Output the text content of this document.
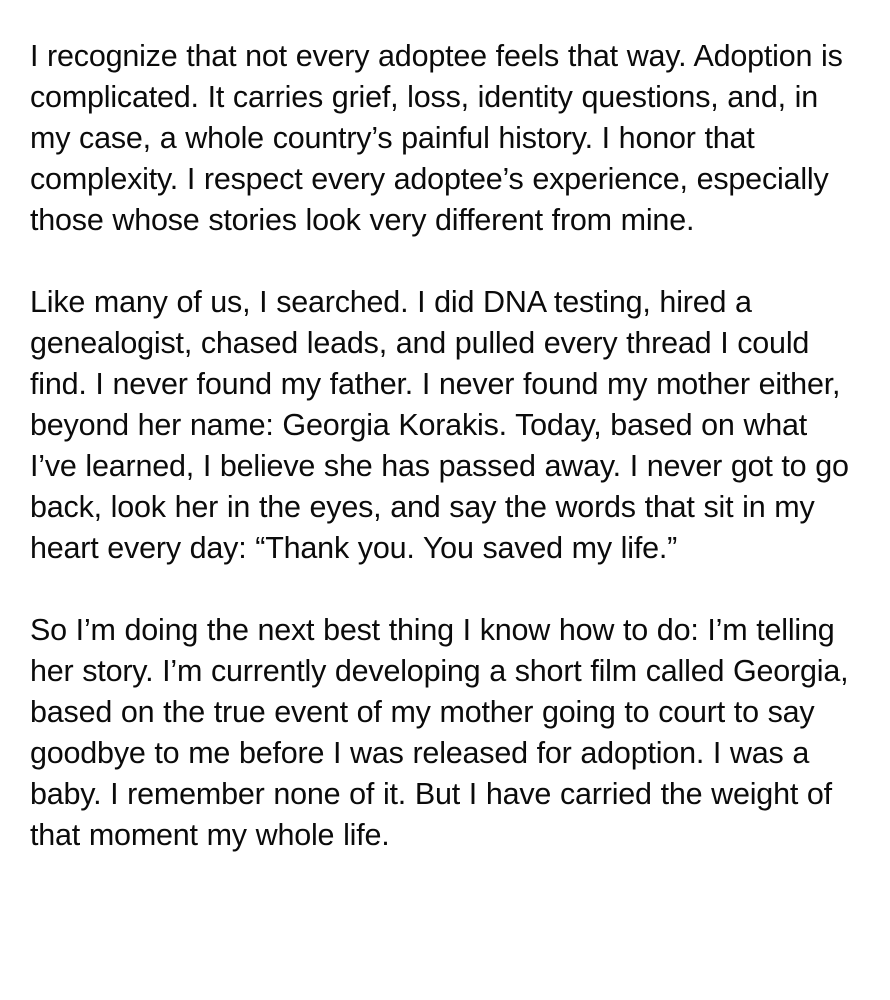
I recognize that not every adoptee feels that way. Adoption is complicated. It carries grief, loss, identity questions, and, in my case, a whole country’s painful history. I honor that complexity. I respect every adoptee’s experience, especially those whose stories look very different from mine.

Like many of us, I searched. I did DNA testing, hired a genealogist, chased leads, and pulled every thread I could find. I never found my father. I never found my mother either, beyond her name: Georgia Korakis. Today, based on what I’ve learned, I believe she has passed away. I never got to go back, look her in the eyes, and say the words that sit in my heart every day: “Thank you. You saved my life.”

So I’m doing the next best thing I know how to do: I’m telling her story. I’m currently developing a short film called Georgia, based on the true event of my mother going to court to say goodbye to me before I was released for adoption. I was a baby. I remember none of it. But I have carried the weight of that moment my whole life.
